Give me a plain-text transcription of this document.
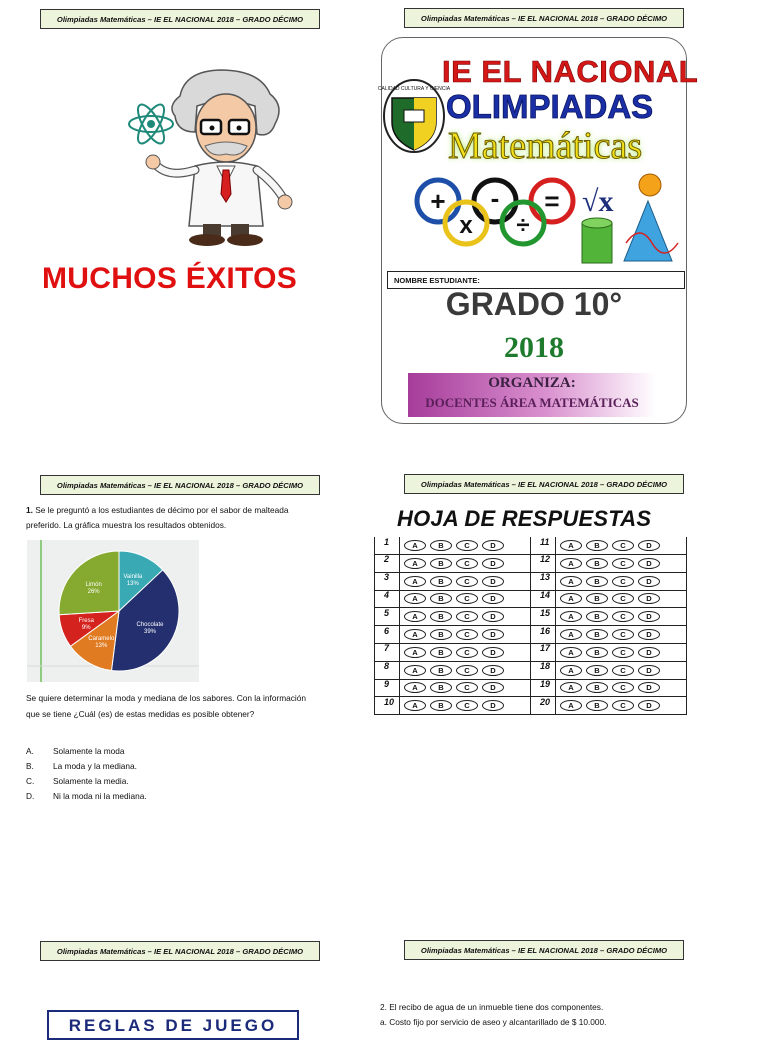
Olimpiadas Matemáticas – IE EL NACIONAL 2018 – GRADO DÉCIMO	Olimpiadas Matemáticas – IE EL NACIONAL 2018 – GRADO DÉCIMO
Olimpiadas Matemáticas – IE EL NACIONAL 2018 – GRADO DÉCIMO	Olimpiadas Matemáticas – IE EL NACIONAL 2018 – GRADO DÉCIMO
Olimpiadas Matemáticas – IE EL NACIONAL 2018 – GRADO DÉCIMO	Olimpiadas Matemáticas – IE EL NACIONAL 2018 – GRADO DÉCIMO
MUCHOS ÉXITOS
CALIDAD CULTURA Y CIENCIA
IE EL NACIONAL
OLIMPIADAS
Matemáticas
+ - =
x ÷
√x
NOMBRE ESTUDIANTE:
GRADO 10°
2018
ORGANIZA:
DOCENTES ÁREA MATEMÁTICAS
1. Se le preguntó a los estudiantes de décimo por el sabor de malteada preferido. La gráfica muestra los resultados obtenidos.
Vainilla
13%
Chocolate
39%
Caramelo
13%
Fresa
9%
Limón
26%
Se quiere determinar la moda y mediana de los sabores. Con la información que se tiene ¿Cuál (es) de estas medidas es posible obtener?
A.	Solamente la moda
B.	La moda y la mediana.
C.	Solamente la media.
D.	Ni la moda ni la mediana.
HOJA DE RESPUESTAS
1	A	B	C	D
2	A	B	C	D
3	A	B	C	D
4	A	B	C	D
5	A	B	C	D
6	A	B	C	D
7	A	B	C	D
8	A	B	C	D
9	A	B	C	D
10	A	B	C	D
11	A	B	C	D
12	A	B	C	D
13	A	B	C	D
14	A	B	C	D
15	A	B	C	D
16	A	B	C	D
17	A	B	C	D
18	A	B	C	D
19	A	B	C	D
20	A	B	C	D
REGLAS DE JUEGO
2. El recibo de agua de un inmueble tiene dos componentes.
a. Costo fijo por servicio de aseo y alcantarillado de $ 10.000.
